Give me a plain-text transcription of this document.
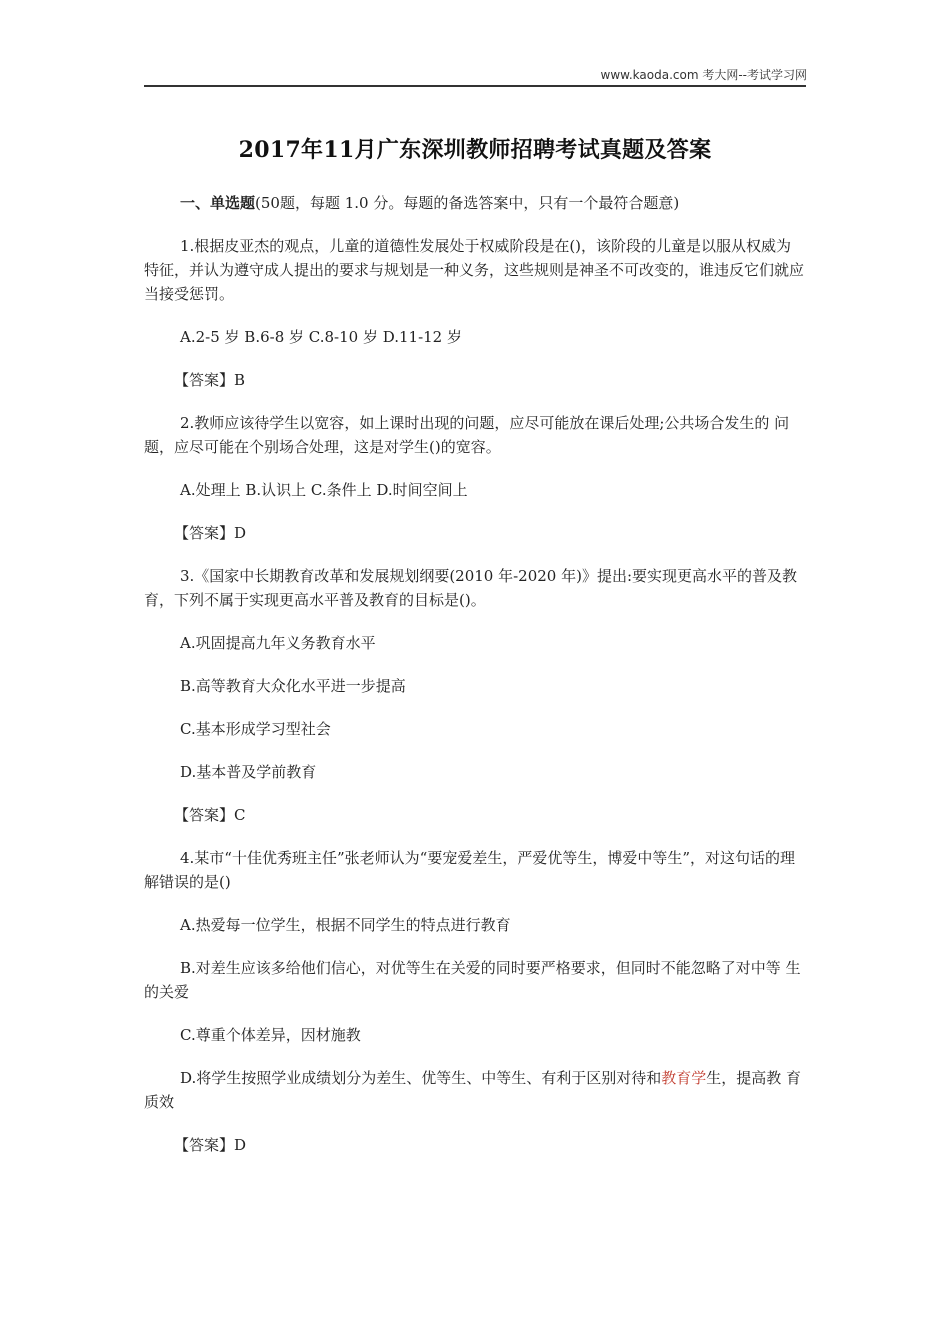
www.kaoda.com 考大网--考试学习网
2017年11月广东深圳教师招聘考试真题及答案

一、单选题(50题，每题 1.0 分。每题的备选答案中，只有一个最符合题意)

1.根据皮亚杰的观点，儿童的道德性发展处于权威阶段是在()，该阶段的儿童是以服从权威为特征，并认为遵守成人提出的要求与规划是一种义务，这些规则是神圣不可改变的，谁违反它们就应当接受惩罚。

A.2-5 岁 B.6-8 岁 C.8-10 岁 D.11-12 岁

【答案】B

2.教师应该待学生以宽容，如上课时出现的问题，应尽可能放在课后处理;公共场合发生的 问题，应尽可能在个别场合处理，这是对学生()的宽容。

A.处理上 B.认识上 C.条件上 D.时间空间上

【答案】D

3.《国家中长期教育改革和发展规划纲要(2010 年-2020 年)》提出:要实现更高水平的普及教育，下列不属于实现更高水平普及教育的目标是()。

A.巩固提高九年义务教育水平

B.高等教育大众化水平进一步提高

C.基本形成学习型社会

D.基本普及学前教育

【答案】C

4.某市“十佳优秀班主任”张老师认为“要宠爱差生，严爱优等生，博爱中等生”，对这句话的理解错误的是()

A.热爱每一位学生，根据不同学生的特点进行教育

B.对差生应该多给他们信心，对优等生在关爱的同时要严格要求，但同时不能忽略了对中等 生的关爱

C.尊重个体差异，因材施教

D.将学生按照学业成绩划分为差生、优等生、中等生、有利于区别对待和教育学生，提高教 育质效

【答案】D
